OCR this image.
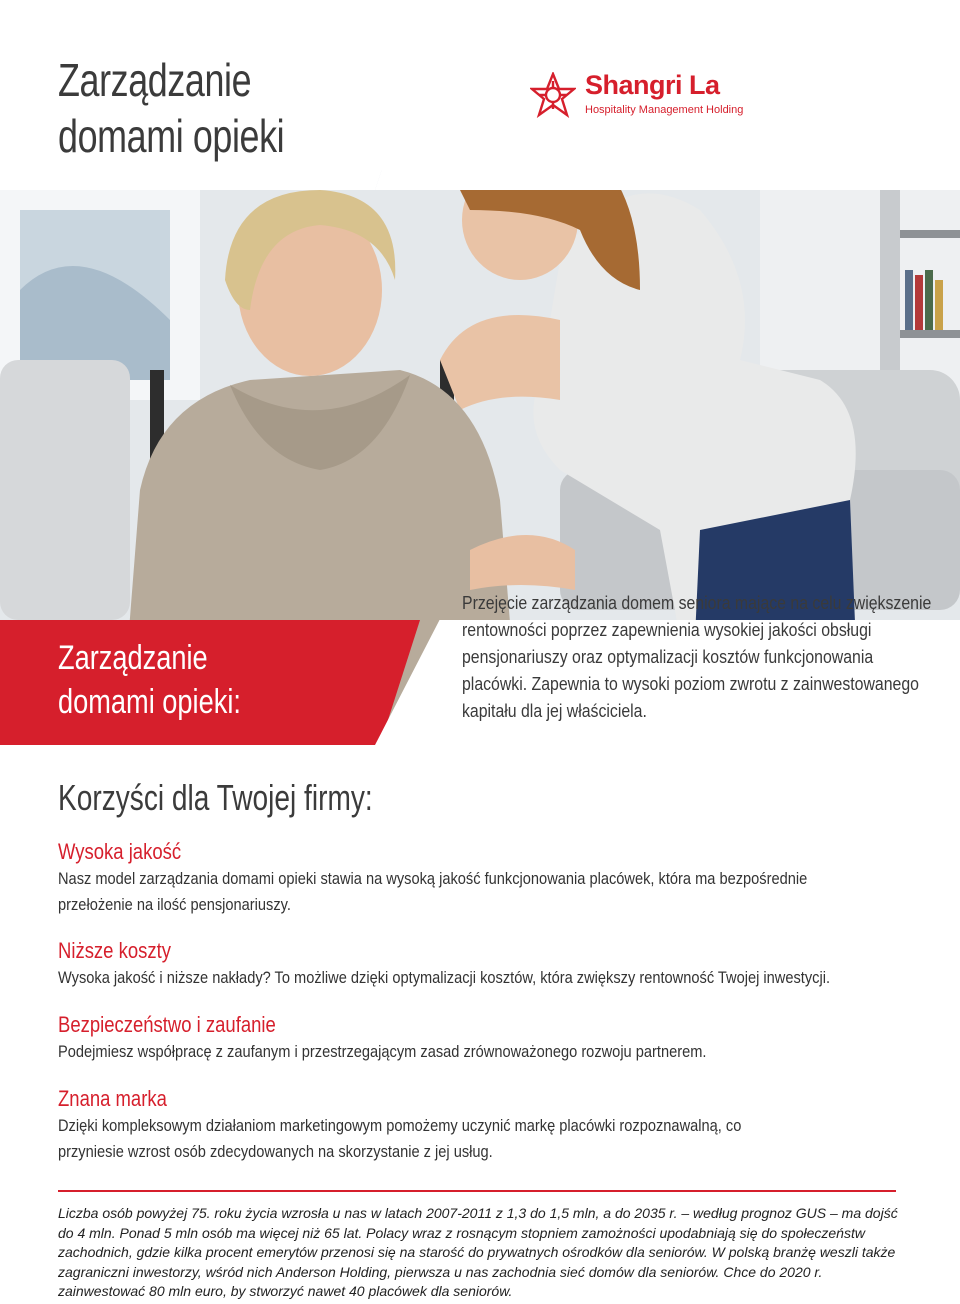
Zarządzanie
domami opieki
Shangri La
Hospitality Management Holding
Zarządzanie
domami opieki:

Przejęcie zarządzania domem seniora mające na celu zwiększenie rentowności poprzez zapewnienia wysokiej jakości obsługi pensjonariuszy oraz optymalizacji kosztów funkcjonowania placówki. Zapewnia to wysoki poziom zwrotu z zainwestowanego kapitału dla jej właściciela.

Korzyści dla Twojej firmy:
Wysoka jakość

Nasz model zarządzania domami opieki stawia na wysoką jakość funkcjonowania placówek, która ma bezpośrednie przełożenie na ilość pensjonariuszy.

Niższe koszty

Wysoka jakość i niższe nakłady? To możliwe dzięki optymalizacji kosztów, która zwiększy rentowność Twojej inwestycji.

Bezpieczeństwo i zaufanie

Podejmiesz współpracę z zaufanym i przestrzegającym zasad zrównoważonego rozwoju partnerem.

Znana marka

Dzięki kompleksowym działaniom marketingowym pomożemy uczynić markę placówki rozpoznawalną, co przyniesie wzrost osób zdecydowanych na skorzystanie z jej usług.

Liczba osób powyżej 75. roku życia wzrosła u nas w latach 2007-2011 z 1,3 do 1,5 mln, a do 2035 r. – według prognoz GUS – ma dojść do 4 mln. Ponad 5 mln osób ma więcej niż 65 lat. Polacy wraz z rosnącym stopniem zamożności upodabniają się do społeczeństw zachodnich, gdzie kilka procent emerytów przenosi się na starość do prywatnych ośrodków dla seniorów. W polską branżę weszli także zagraniczni inwestorzy, wśród nich Anderson Holding, pierwsza u nas zachodnia sieć domów dla seniorów. Chce do 2020 r. zainwestować 80 mln euro, by stworzyć nawet 40 placówek dla seniorów.
